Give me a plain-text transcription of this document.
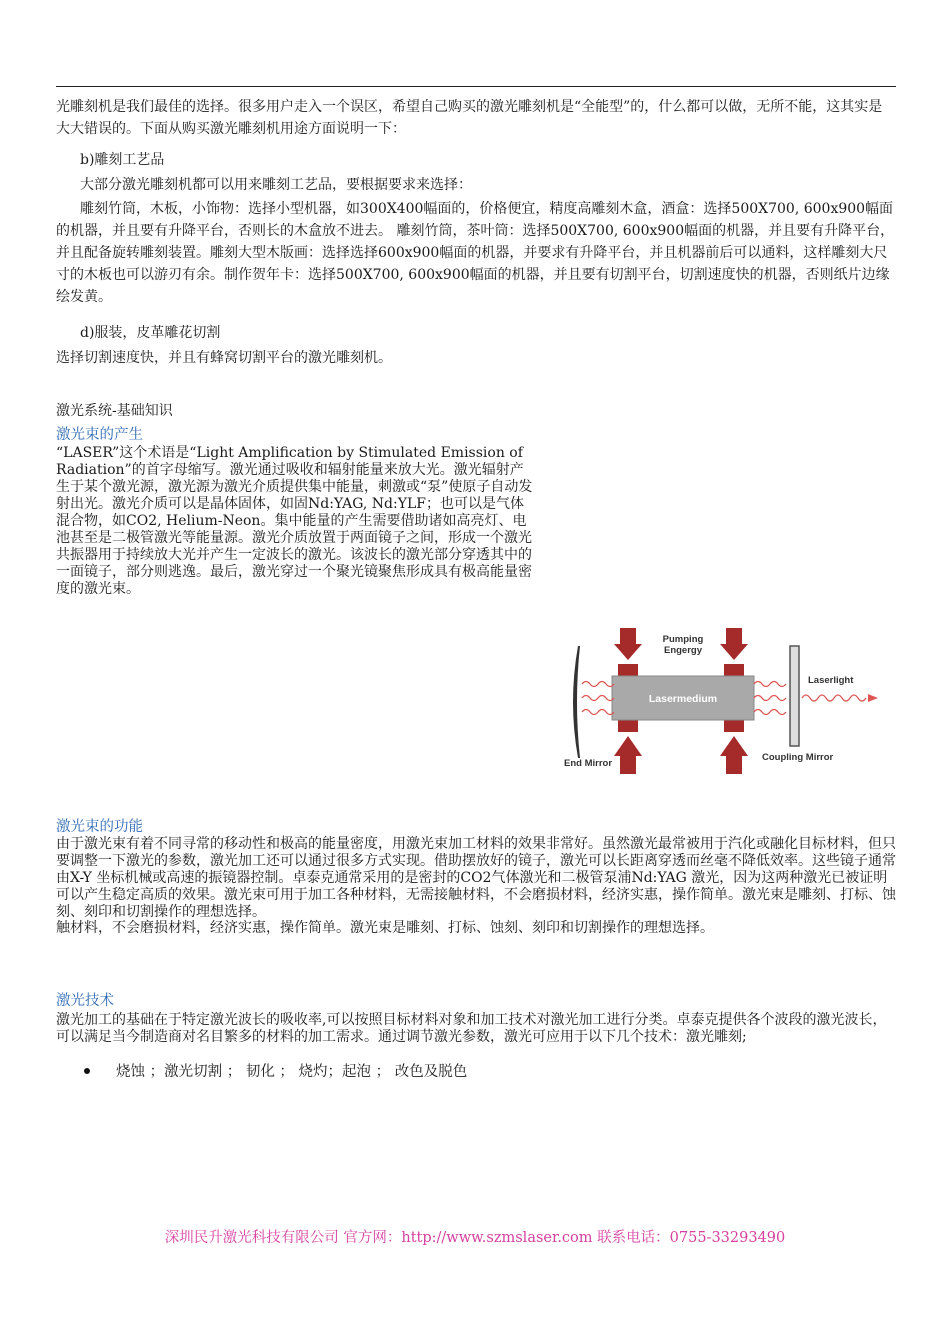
光雕刻机是我们最佳的选择。很多用户走入一个误区，希望自己购买的激光雕刻机是“全能型”的，什么都可以做，无所不能，这其实是大大错误的。下面从购买激光雕刻机用途方面说明一下：

b)雕刻工艺品

大部分激光雕刻机都可以用来雕刻工艺品，要根据要求来选择：

雕刻竹筒，木板，小饰物：选择小型机器，如300X400幅面的，价格便宜，精度高雕刻木盒，酒盒：选择500X700, 600x900幅面的机器，并且要有升降平台，否则长的木盒放不进去。 雕刻竹筒，茶叶筒：选择500X700, 600x900幅面的机器，并且要有升降平台，并且配备旋转雕刻装置。雕刻大型木版画：选择选择600x900幅面的机器，并要求有升降平台，并且机器前后可以通料，这样雕刻大尺寸的木板也可以游刃有余。制作贺年卡：选择500X700, 600x900幅面的机器，并且要有切割平台，切割速度快的机器，否则纸片边缘绘发黄。

d)服装，皮革雕花切割

选择切割速度快，并且有蜂窝切割平台的激光雕刻机。

激光系统-基础知识
激光束的产生

“LASER”这个术语是“Light Amplification by Stimulated Emission of Radiation”的首字母缩写。激光通过吸收和辐射能量来放大光。激光辐射产生于某个激光源，激光源为激光介质提供集中能量，刺激或“泵”使原子自动发射出光。激光介质可以是晶体固体，如固Nd:YAG, Nd:YLF；也可以是气体混合物，如CO2, Helium-Neon。集中能量的产生需要借助诸如高亮灯、电池甚至是二极管激光等能量源。激光介质放置于两面镜子之间，形成一个激光共振器用于持续放大光并产生一定波长的激光。该波长的激光部分穿透其中的一面镜子，部分则逃逸。最后，激光穿过一个聚光镜聚焦形成具有极高能量密度的激光束。

Lasermedium
Pumping
Engergy
Laserlight
End Mirror
Coupling Mirror
激光束的功能

由于激光束有着不同寻常的移动性和极高的能量密度，用激光束加工材料的效果非常好。虽然激光最常被用于汽化或融化目标材料，但只要调整一下激光的参数，激光加工还可以通过很多方式实现。借助摆放好的镜子，激光可以长距离穿透而丝毫不降低效率。这些镜子通常由X-Y 坐标机械或高速的振镜器控制。卓泰克通常采用的是密封的CO2气体激光和二极管泵浦Nd:YAG 激光，因为这两种激光已被证明可以产生稳定高质的效果。激光束可用于加工各种材料，无需接触材料，不会磨损材料，经济实惠，操作简单。激光束是雕刻、打标、蚀刻、刻印和切割操作的理想选择。

触材料，不会磨损材料，经济实惠，操作简单。激光束是雕刻、打标、蚀刻、刻印和切割操作的理想选择。

激光技术

激光加工的基础在于特定激光波长的吸收率,可以按照目标材料对象和加工技术对激光加工进行分类。卓泰克提供各个波段的激光波长，可以满足当今制造商对名目繁多的材料的加工需求。通过调节激光参数，激光可应用于以下几个技术：激光雕刻;

烧蚀 ；激光切割 ； 韧化 ； 烧灼；起泡 ； 改色及脱色
深圳民升激光科技有限公司 官方网：http://www.szmslaser.com 联系电话：0755-33293490
